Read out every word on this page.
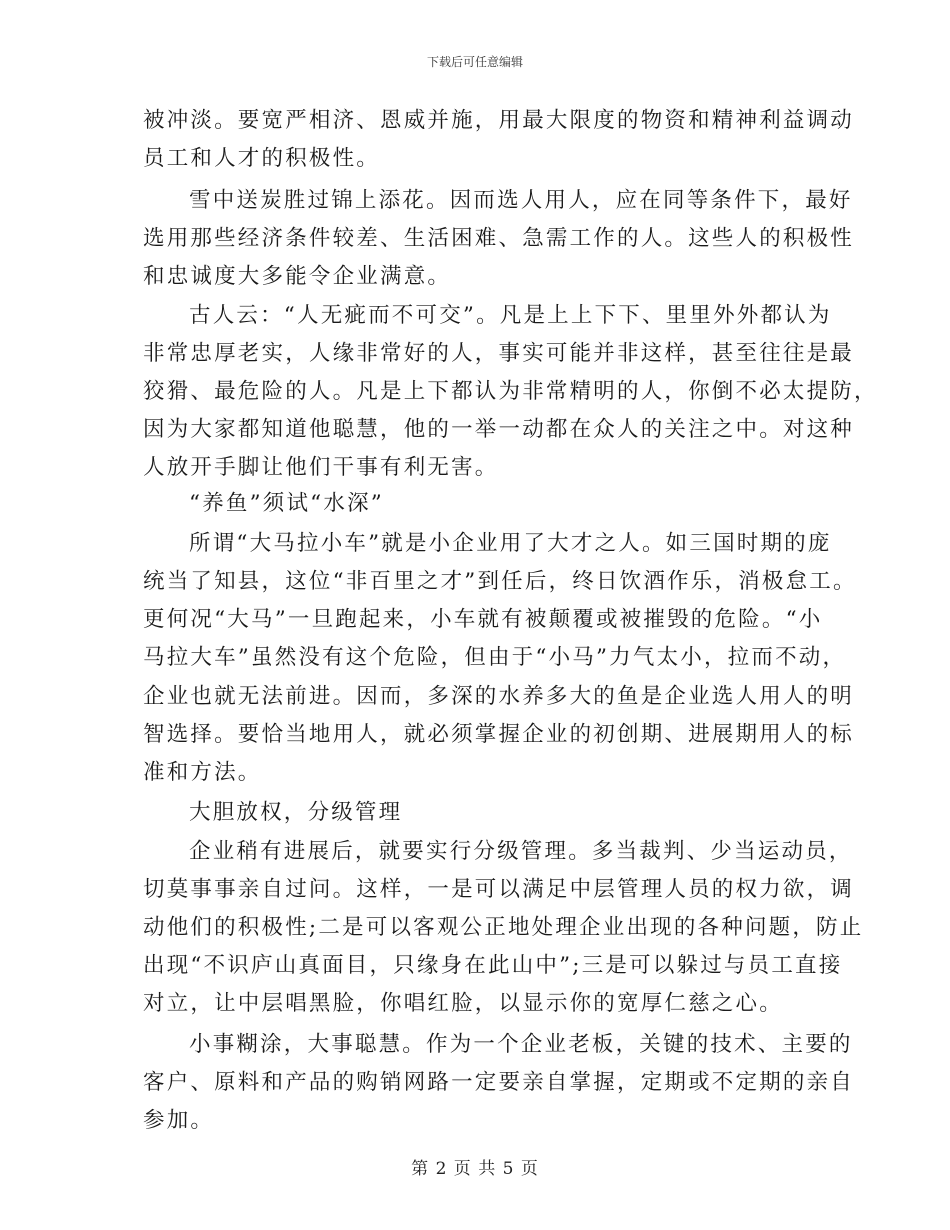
下载后可任意编辑
被冲淡。要宽严相济、恩威并施，用最大限度的物资和精神利益调动
员工和人才的积极性。
雪中送炭胜过锦上添花。因而选人用人，应在同等条件下，最好
选用那些经济条件较差、生活困难、急需工作的人。这些人的积极性
和忠诚度大多能令企业满意。
古人云：“人无疵而不可交”。凡是上上下下、里里外外都认为
非常忠厚老实，人缘非常好的人，事实可能并非这样，甚至往往是最
狡猾、最危险的人。凡是上下都认为非常精明的人，你倒不必太提防，
因为大家都知道他聪慧，他的一举一动都在众人的关注之中。对这种
人放开手脚让他们干事有利无害。
“养鱼”须试“水深”
所谓“大马拉小车”就是小企业用了大才之人。如三国时期的庞
统当了知县，这位“非百里之才”到任后，终日饮酒作乐，消极怠工。
更何况“大马”一旦跑起来，小车就有被颠覆或被摧毁的危险。“小
马拉大车”虽然没有这个危险，但由于“小马”力气太小，拉而不动，
企业也就无法前进。因而，多深的水养多大的鱼是企业选人用人的明
智选择。要恰当地用人，就必须掌握企业的初创期、进展期用人的标
准和方法。
大胆放权，分级管理
企业稍有进展后，就要实行分级管理。多当裁判、少当运动员，
切莫事事亲自过问。这样，一是可以满足中层管理人员的权力欲，调
动他们的积极性;二是可以客观公正地处理企业出现的各种问题，防止
出现“不识庐山真面目，只缘身在此山中”;三是可以躲过与员工直接
对立，让中层唱黑脸，你唱红脸，以显示你的宽厚仁慈之心。
小事糊涂，大事聪慧。作为一个企业老板，关键的技术、主要的
客户、原料和产品的购销网路一定要亲自掌握，定期或不定期的亲自
参加。
第 2 页 共 5 页
